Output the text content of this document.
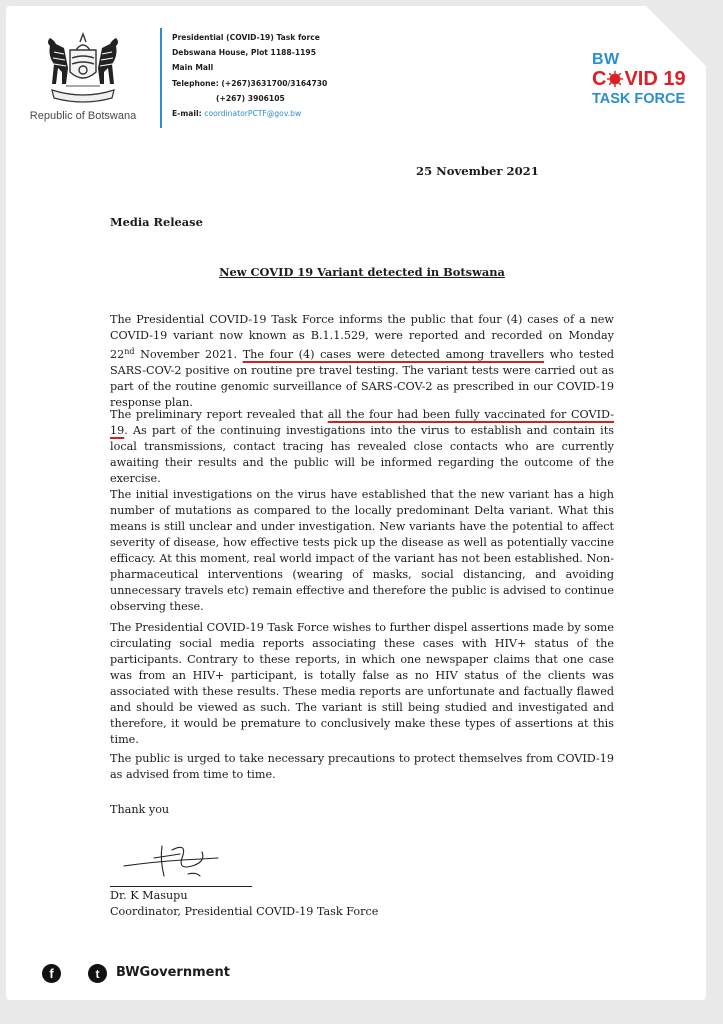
Republic of Botswana
Presidential (COVID-19) Task force
Debswana House, Plot 1188-1195
Main Mall
Telephone: (+267)3631700/3164730
(+267) 3906105
E-mail: coordinatorPCTF@gov.bw
BW
C VID 19
TASK FORCE
25 November 2021
Media Release
New COVID 19 Variant detected in Botswana
The Presidential COVID-19 Task Force informs the public that four (4) cases of a new COVID-19 variant now known as B.1.1.529, were reported and recorded on Monday 22nd November 2021. The four (4) cases were detected among travellers who tested SARS-COV-2 positive on routine pre travel testing. The variant tests were carried out as part of the routine genomic surveillance of SARS-COV-2 as prescribed in our COVID-19 response plan.
The preliminary report revealed that all the four had been fully vaccinated for COVID-19. As part of the continuing investigations into the virus to establish and contain its local transmissions, contact tracing has revealed close contacts who are currently awaiting their results and the public will be informed regarding the outcome of the exercise.
The initial investigations on the virus have established that the new variant has a high number of mutations as compared to the locally predominant Delta variant. What this means is still unclear and under investigation. New variants have the potential to affect severity of disease, how effective tests pick up the disease as well as potentially vaccine efficacy. At this moment, real world impact of the variant has not been established. Non-pharmaceutical interventions (wearing of masks, social distancing, and avoiding unnecessary travels etc) remain effective and therefore the public is advised to continue observing these.
The Presidential COVID-19 Task Force wishes to further dispel assertions made by some circulating social media reports associating these cases with HIV+ status of the participants. Contrary to these reports, in which one newspaper claims that one case was from an HIV+ participant, is totally false as no HIV status of the clients was associated with these results. These media reports are unfortunate and factually flawed and should be viewed as such. The variant is still being studied and investigated and therefore, it would be premature to conclusively make these types of assertions at this time.
The public is urged to take necessary precautions to protect themselves from COVID-19 as advised from time to time.
Thank you
Dr. K Masupu
Coordinator, Presidential COVID-19 Task Force
f	t	BWGovernment
